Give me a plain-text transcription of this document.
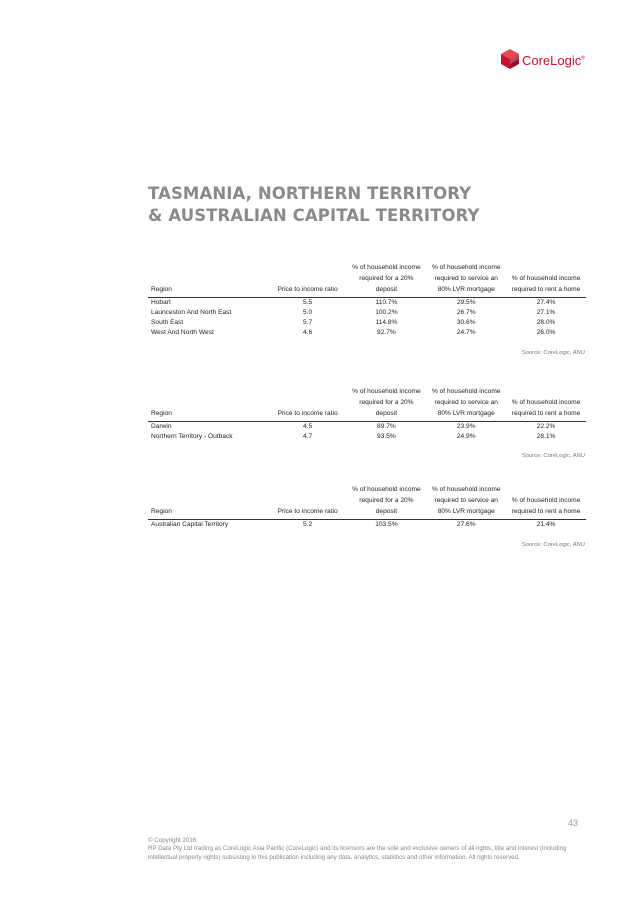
CoreLogic®
TASMANIA, NORTHERN TERRITORY
& AUSTRALIAN CAPITAL TERRITORY
Region	Price to income ratio	% of household income required for a 20% deposit	% of household income required to service an 80% LVR mortgage	% of household income required to rent a home
Hobart	5.5	110.7%	29.5%	27.4%
Launceston And North East	5.0	100.2%	26.7%	27.1%
South East	5.7	114.8%	30.6%	28.0%
West And North West	4.6	92.7%	24.7%	26.0%
Source: CoreLogic, ANU
Region	Price to income ratio	% of household income required for a 20% deposit	% of household income required to service an 80% LVR mortgage	% of household income required to rent a home
Darwin	4.5	89.7%	23.9%	22.2%
Northern Territory - Outback	4.7	93.5%	24.9%	28.1%
Source: CoreLogic, ANU
Region	Price to income ratio	% of household income required for a 20% deposit	% of household income required to service an 80% LVR mortgage	% of household income required to rent a home
Australian Capital Territory	5.2	103.5%	27.6%	21.4%
Source: CoreLogic, ANU
43
© Copyright 2016
RP Data Pty Ltd trading as CoreLogic Asia Pacific (CoreLogic) and its licensors are the sole and exclusive owners of all rights, title and interest (including intellectual property rights) subsisting in this publication including any data, analytics, statistics and other information. All rights reserved.
